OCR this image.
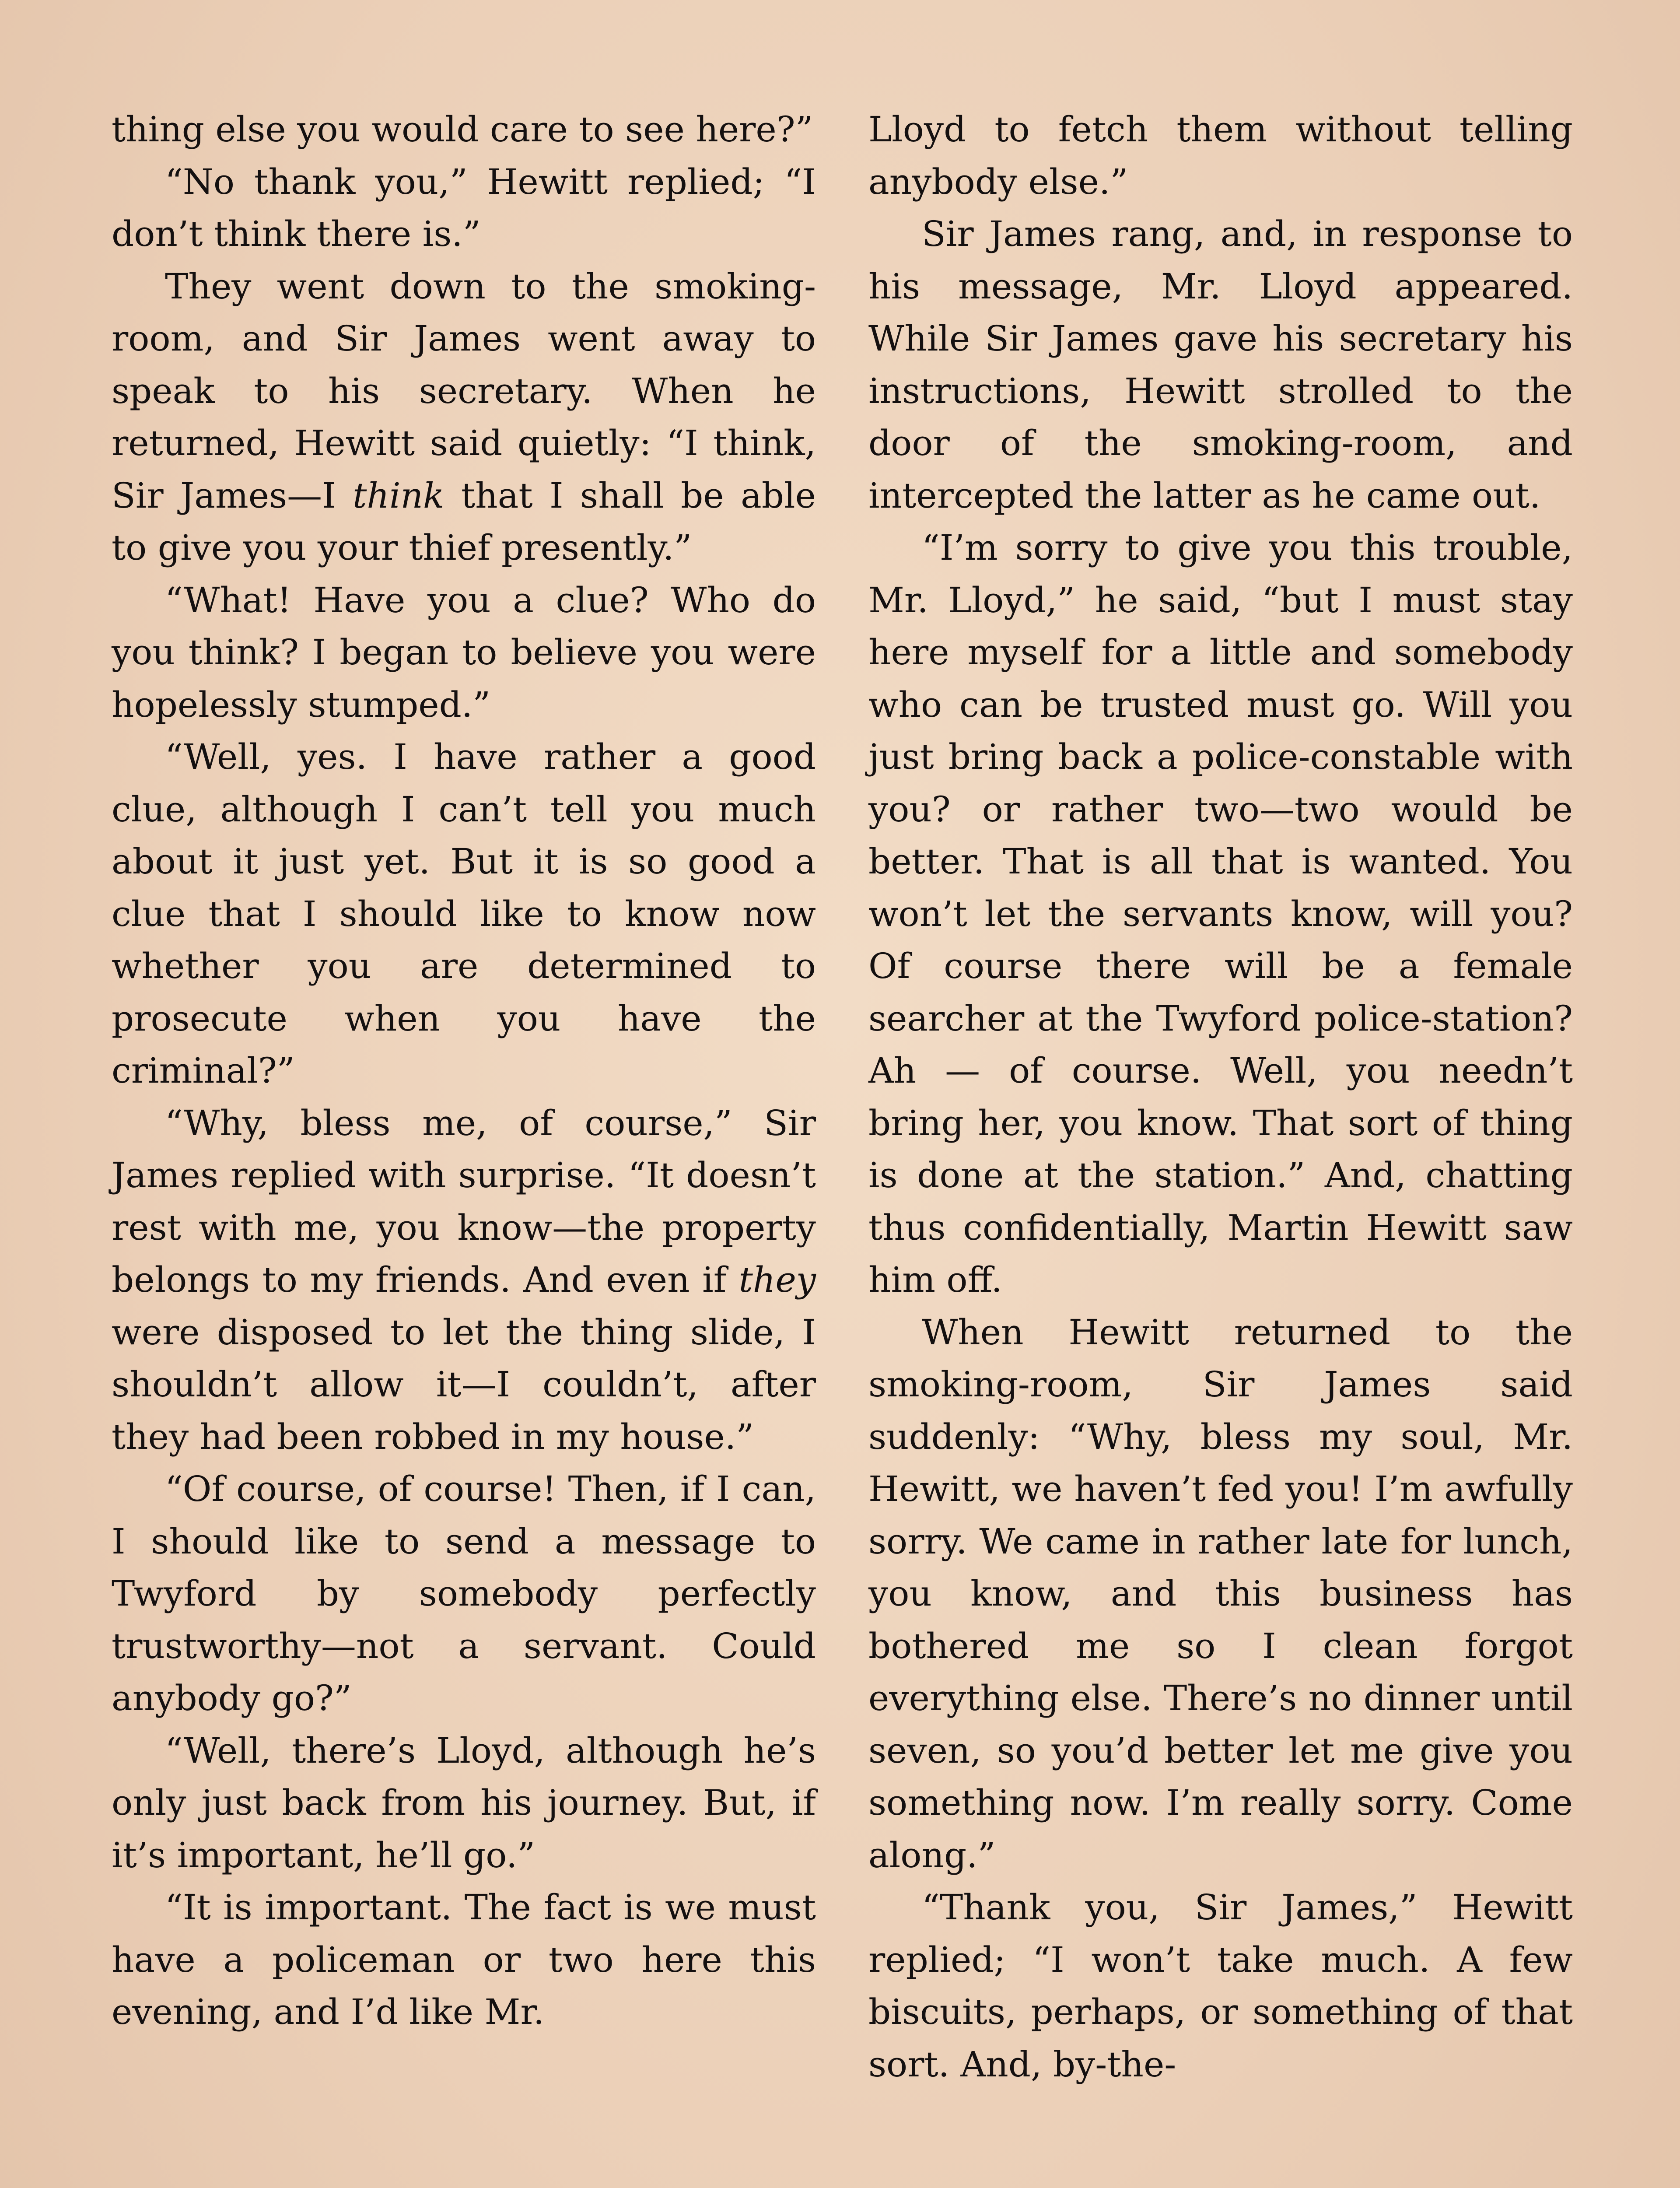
thing else you would care to see here?”

“No thank you,” Hewitt replied; “I don’t think there is.”

They went down to the smoking-room, and Sir James went away to speak to his secretary. When he returned, Hewitt said quietly: “I think, Sir James—I think that I shall be able to give you your thief presently.”

“What! Have you a clue? Who do you think? I began to believe you were hopelessly stumped.”

“Well, yes. I have rather a good clue, although I can’t tell you much about it just yet. But it is so good a clue that I should like to know now whether you are determined to prosecute when you have the criminal?”

“Why, bless me, of course,” Sir James replied with surprise. “It doesn’t rest with me, you know—the property belongs to my friends. And even if they were disposed to let the thing slide, I shouldn’t allow it—I couldn’t, after they had been robbed in my house.”

“Of course, of course! Then, if I can, I should like to send a message to Twyford by somebody perfectly trustworthy—not a servant. Could anybody go?”

“Well, there’s Lloyd, although he’s only just back from his journey. But, if it’s important, he’ll go.”

“It is important. The fact is we must have a policeman or two here this evening, and I’d like Mr.

Lloyd to fetch them without telling anybody else.”

Sir James rang, and, in response to his message, Mr. Lloyd appeared. While Sir James gave his secretary his instructions, Hewitt strolled to the door of the smoking-room, and intercepted the latter as he came out.

“I’m sorry to give you this trouble, Mr. Lloyd,” he said, “but I must stay here myself for a little and somebody who can be trusted must go. Will you just bring back a police-constable with you? or rather two—two would be better. That is all that is wanted. You won’t let the servants know, will you? Of course there will be a female searcher at the Twyford police-station? Ah — of course. Well, you needn’t bring her, you know. That sort of thing is done at the station.” And, chatting thus confidentially, Martin Hewitt saw him off.

When Hewitt returned to the smoking-room, Sir James said suddenly: “Why, bless my soul, Mr. Hewitt, we haven’t fed you! I’m awfully sorry. We came in rather late for lunch, you know, and this business has bothered me so I clean forgot everything else. There’s no dinner until seven, so you’d better let me give you something now. I’m really sorry. Come along.”

“Thank you, Sir James,” Hewitt replied; “I won’t take much. A few biscuits, perhaps, or something of that sort. And, by-the-
